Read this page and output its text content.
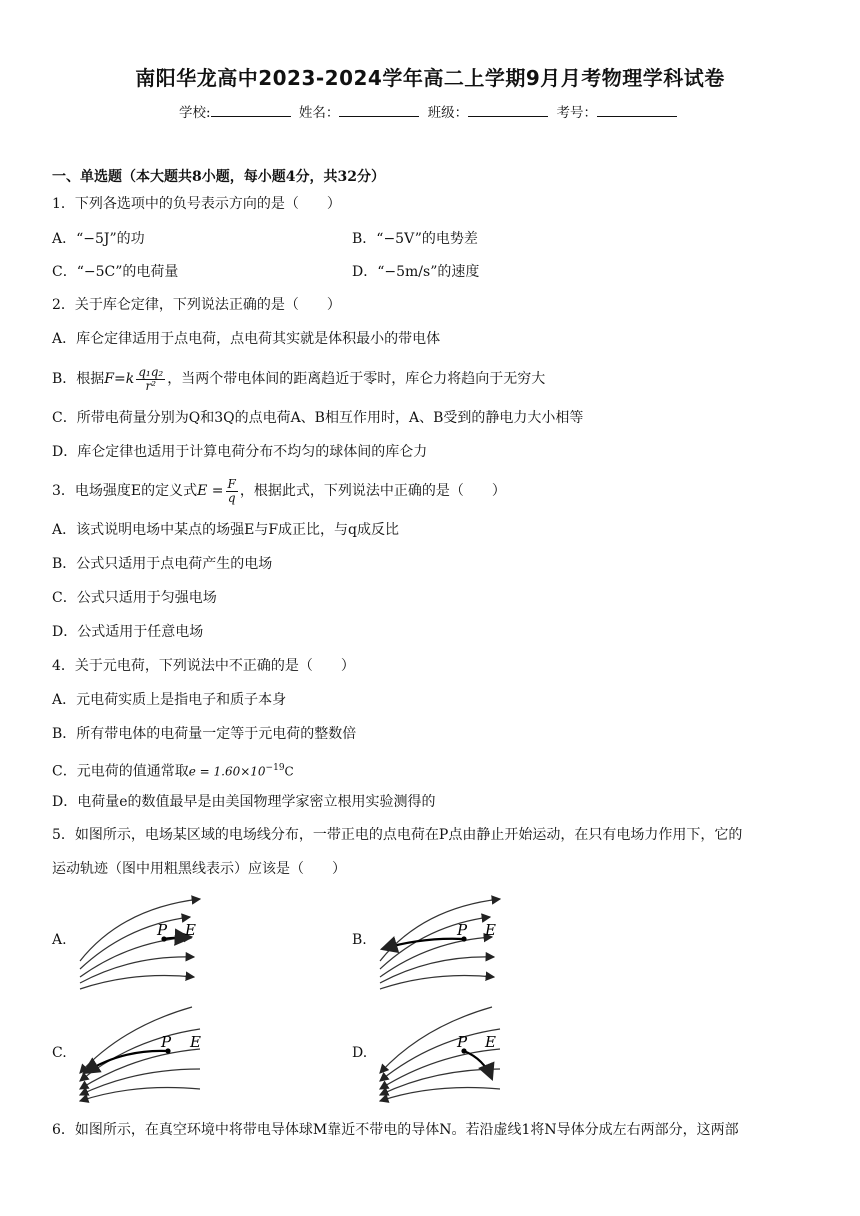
南阳华龙高中2023-2024学年高二上学期9月月考物理学科试卷
学校:	姓名：	班级：	考号：
一、单选题（本大题共8小题，每小题4分，共32分）
1．下列各选项中的负号表示方向的是（　　）
A．“−5J”的功	B．“−5V”的电势差
C．“−5C”的电荷量	D．“−5m/s”的速度
2．关于库仑定律，下列说法正确的是（　　）
A．库仑定律适用于点电荷，点电荷其实就是体积最小的带电体
B．根据$F=k \frac{\text{q₁q₂}}{\text{r²}}$ ，当两个带电体间的距离趋近于零时，库仑力将趋向于无穷大
C．所带电荷量分别为Q和3Q的点电荷A、B相互作用时，A、B受到的静电力大小相等
D．库仑定律也适用于计算电荷分布不均匀的球体间的库仑力
3．电场强度E的定义式$E = \frac{F}{q}$ ，根据此式，下列说法中正确的是（　　）
A．该式说明电场中某点的场强E与F成正比，与q成反比
B．公式只适用于点电荷产生的电场
C．公式只适用于匀强电场
D．公式适用于任意电场
4．关于元电荷，下列说法中不正确的是（　　）
A．元电荷实质上是指电子和质子本身
B．所有带电体的电荷量一定等于元电荷的整数倍
C．元电荷的值通常取$e = 1.60\times 10^{-19}C$
D．电荷量e的数值最早是由美国物理学家密立根用实验测得的
5．如图所示，电场某区域的电场线分布，一带正电的点电荷在P点由静止开始运动，在只有电场力作用下，它的
运动轨迹（图中用粗黑线表示）应该是（　　）
A.	B.
C.	D.
P E	P E
P E	P E
6．如图所示，在真空环境中将带电导体球M靠近不带电的导体N。若沿虚线1将N导体分成左右两部分，这两部
